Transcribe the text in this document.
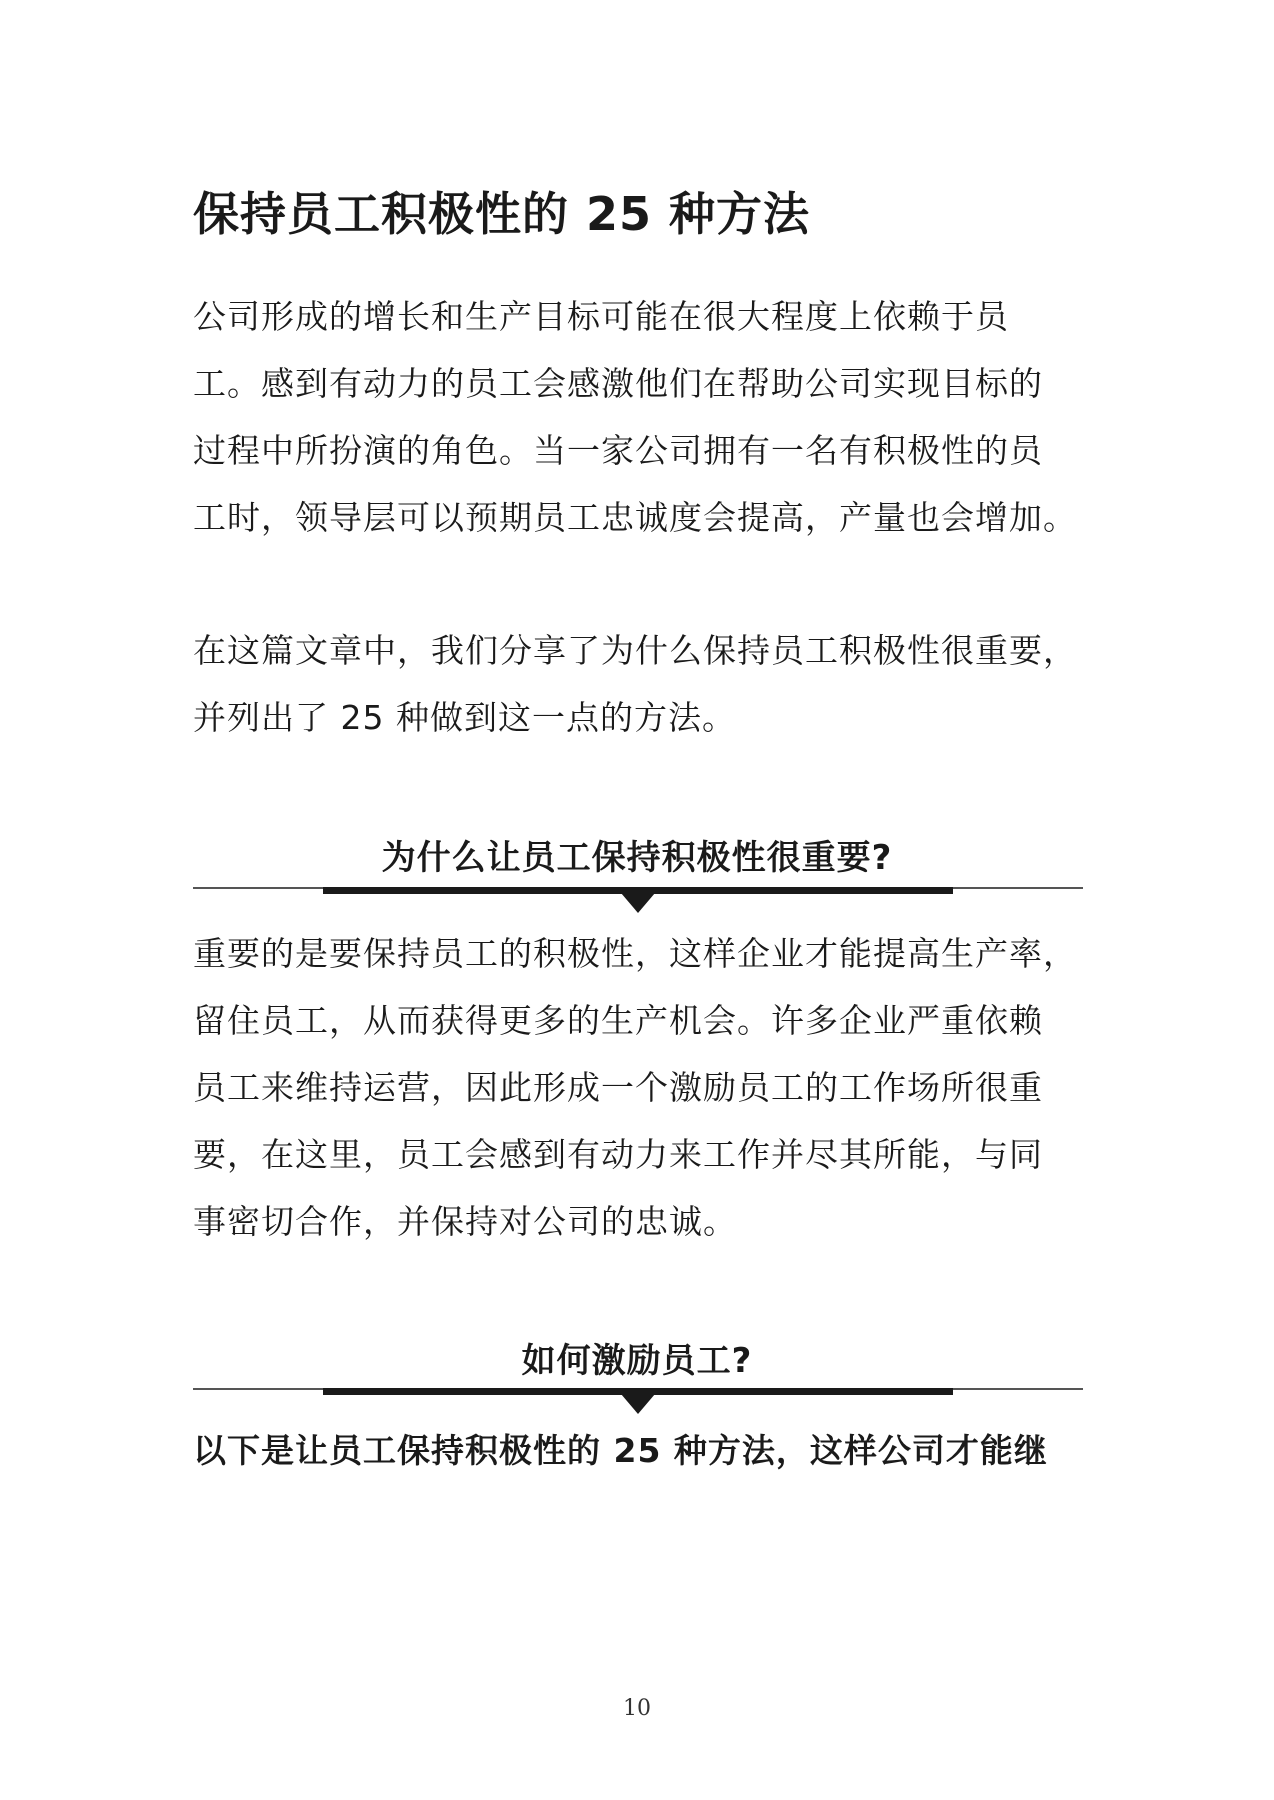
保持员工积极性的 25 种方法

公司形成的增长和生产目标可能在很大程度上依赖于员
工。感到有动力的员工会感激他们在帮助公司实现目标的
过程中所扮演的角色。当一家公司拥有一名有积极性的员
工时，领导层可以预期员工忠诚度会提高，产量也会增加。

在这篇文章中，我们分享了为什么保持员工积极性很重要，
并列出了 25 种做到这一点的方法。

为什么让员工保持积极性很重要?

重要的是要保持员工的积极性，这样企业才能提高生产率，
留住员工，从而获得更多的生产机会。许多企业严重依赖
员工来维持运营，因此形成一个激励员工的工作场所很重
要，在这里，员工会感到有动力来工作并尽其所能，与同
事密切合作，并保持对公司的忠诚。

如何激励员工?

以下是让员工保持积极性的 25 种方法，这样公司才能继

10
